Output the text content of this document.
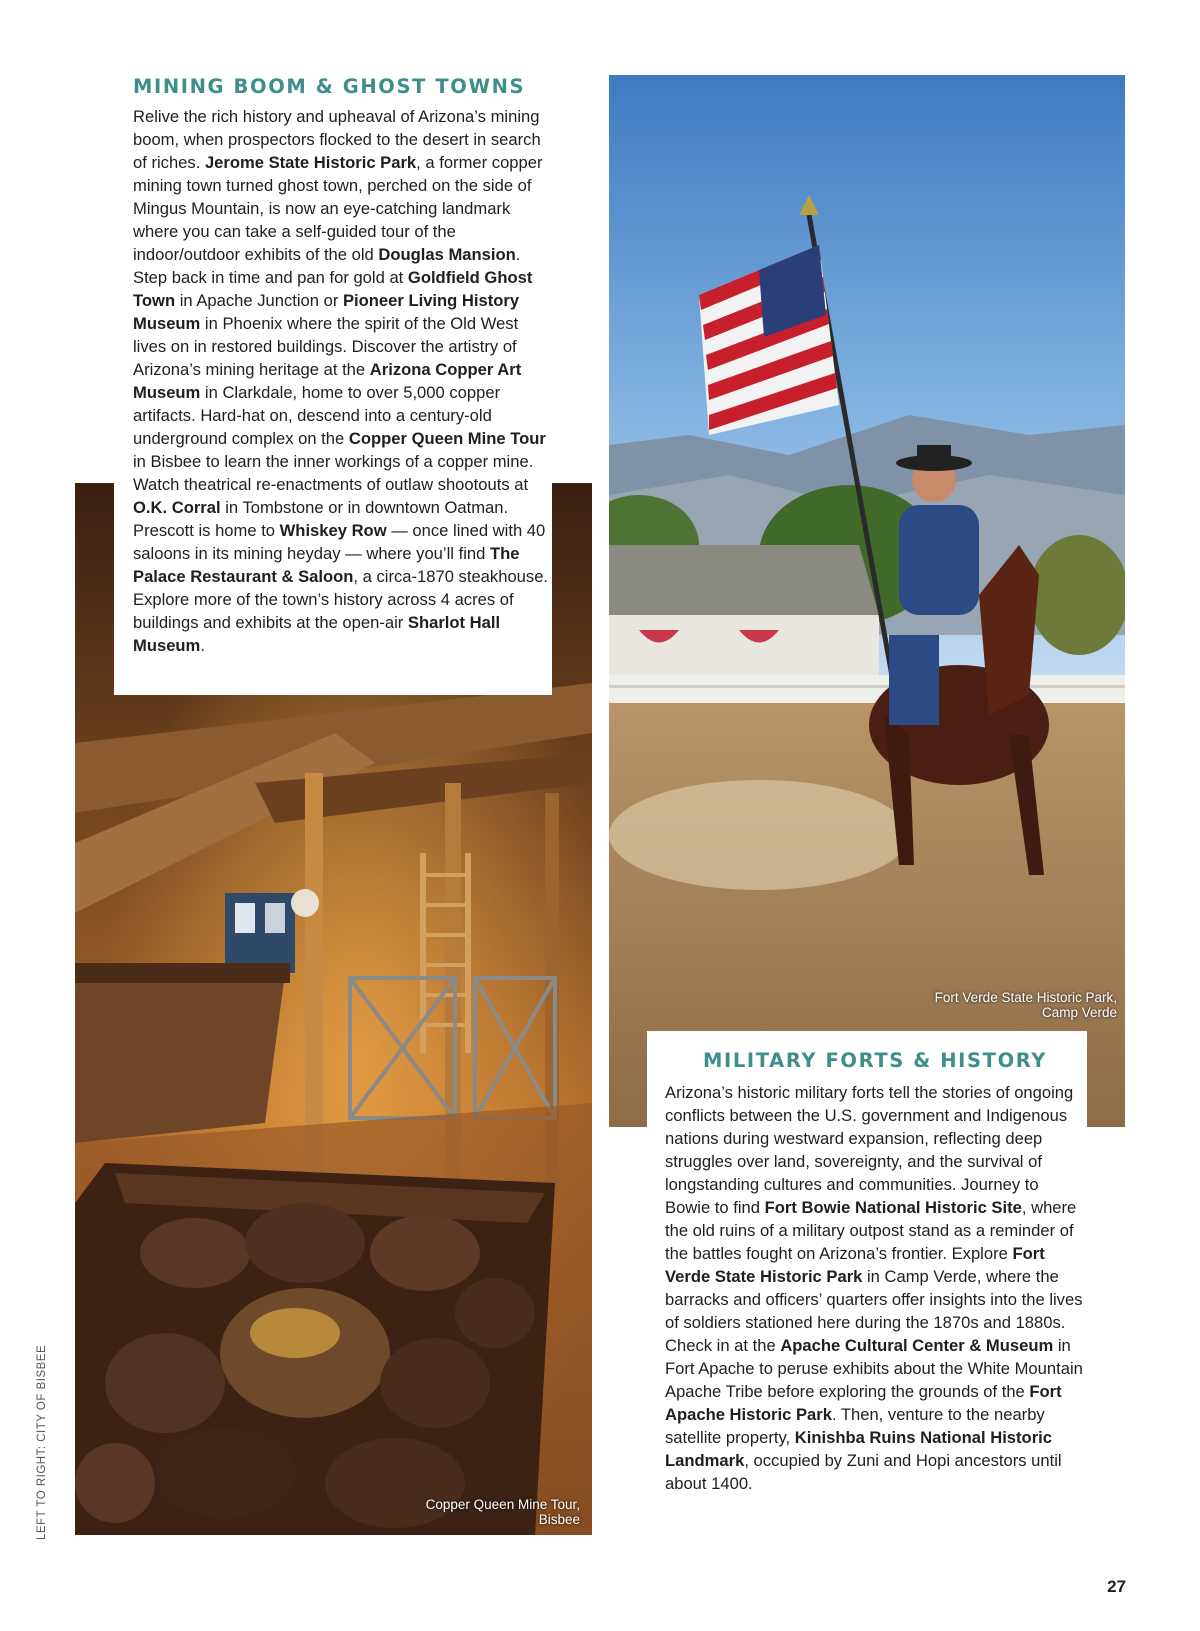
Copper Queen Mine Tour,
Bisbee
Fort Verde State Historic Park,
Camp Verde
MINING BOOM & GHOST TOWNS
Relive the rich history and upheaval of Arizona’s mining boom, when prospectors flocked to the desert in search of riches. Jerome State Historic Park, a former copper mining town turned ghost town, perched on the side of Mingus Mountain, is now an eye-catching landmark where you can take a self-guided tour of the indoor/outdoor exhibits of the old Douglas Mansion. Step back in time and pan for gold at Goldfield Ghost Town in Apache Junction or Pioneer Living History Museum in Phoenix where the spirit of the Old West lives on in restored buildings. Discover the artistry of Arizona’s mining heritage at the Arizona Copper Art Museum in Clarkdale, home to over 5,000 copper artifacts. Hard-hat on, descend into a century-old underground complex on the Copper Queen Mine Tour in Bisbee to learn the inner workings of a copper mine. Watch theatrical re-enactments of outlaw shootouts at O.K. Corral in Tombstone or in downtown Oatman. Prescott is home to Whiskey Row — once lined with 40 saloons in its mining heyday — where you’ll find The Palace Restaurant & Saloon, a circa-1870 steakhouse. Explore more of the town’s history across 4 acres of buildings and exhibits at the open-air Sharlot Hall Museum.
MILITARY FORTS & HISTORY
Arizona’s historic military forts tell the stories of ongoing conflicts between the U.S. government and Indigenous nations during westward expansion, reflecting deep struggles over land, sovereignty, and the survival of longstanding cultures and communities. Journey to Bowie to find Fort Bowie National Historic Site, where the old ruins of a military outpost stand as a reminder of the battles fought on Arizona’s frontier. Explore Fort Verde State Historic Park in Camp Verde, where the barracks and officers’ quarters offer insights into the lives of soldiers stationed here during the 1870s and 1880s. Check in at the Apache Cultural Center & Museum in Fort Apache to peruse exhibits about the White Mountain Apache Tribe before exploring the grounds of the Fort Apache Historic Park. Then, venture to the nearby satellite property, Kinishba Ruins National Historic Landmark, occupied by Zuni and Hopi ancestors until about 1400.
LEFT TO RIGHT: CITY OF BISBEE
27
